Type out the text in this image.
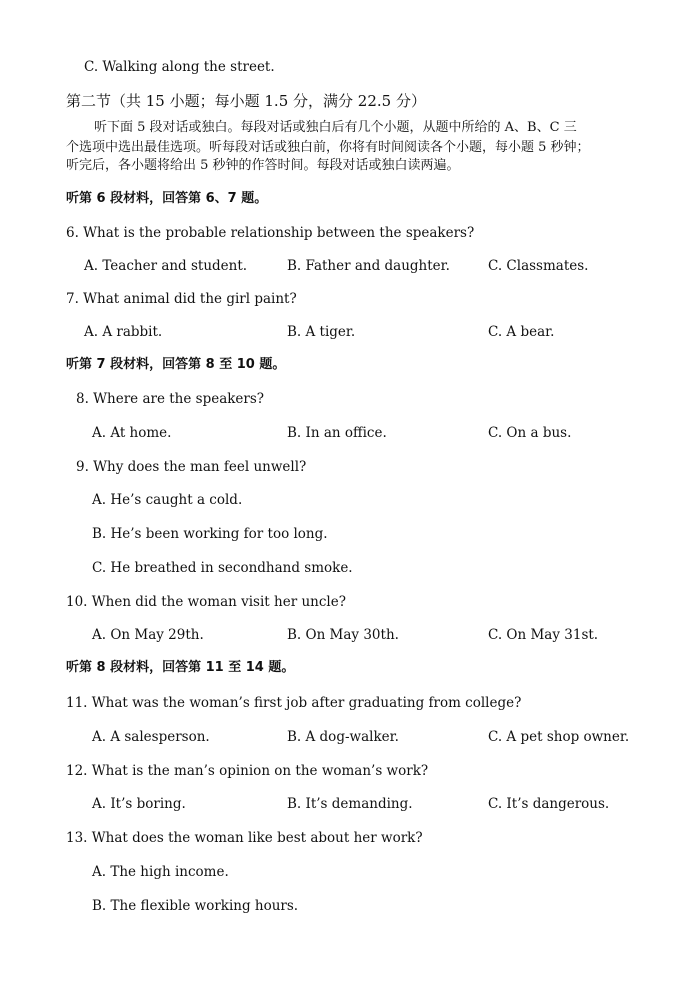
C. Walking along the street.
第二节（共 15 小题；每小题 1.5 分，满分 22.5 分）
听下面 5 段对话或独白。每段对话或独白后有几个小题，从题中所给的 A、B、C 三
个选项中选出最佳选项。听每段对话或独白前，你将有时间阅读各个小题，每小题 5 秒钟；
听完后，各小题将给出 5 秒钟的作答时间。每段对话或独白读两遍。
听第 6 段材料，回答第 6、7 题。
6. What is the probable relationship between the speakers?
A. Teacher and student.	B. Father and daughter.	C. Classmates.
7. What animal did the girl paint?
A. A rabbit.	B. A tiger.	C. A bear.
听第 7 段材料，回答第 8 至 10 题。
8. Where are the speakers?
A. At home.	B. In an office.	C. On a bus.
9. Why does the man feel unwell?
A. He’s caught a cold.
B. He’s been working for too long.
C. He breathed in secondhand smoke.
10. When did the woman visit her uncle?
A. On May 29th.	B. On May 30th.	C. On May 31st.
听第 8 段材料，回答第 11 至 14 题。
11. What was the woman’s first job after graduating from college?
A. A salesperson.	B. A dog-walker.	C. A pet shop owner.
12. What is the man’s opinion on the woman’s work?
A. It’s boring.	B. It’s demanding.	C. It’s dangerous.
13. What does the woman like best about her work?
A. The high income.
B. The flexible working hours.
